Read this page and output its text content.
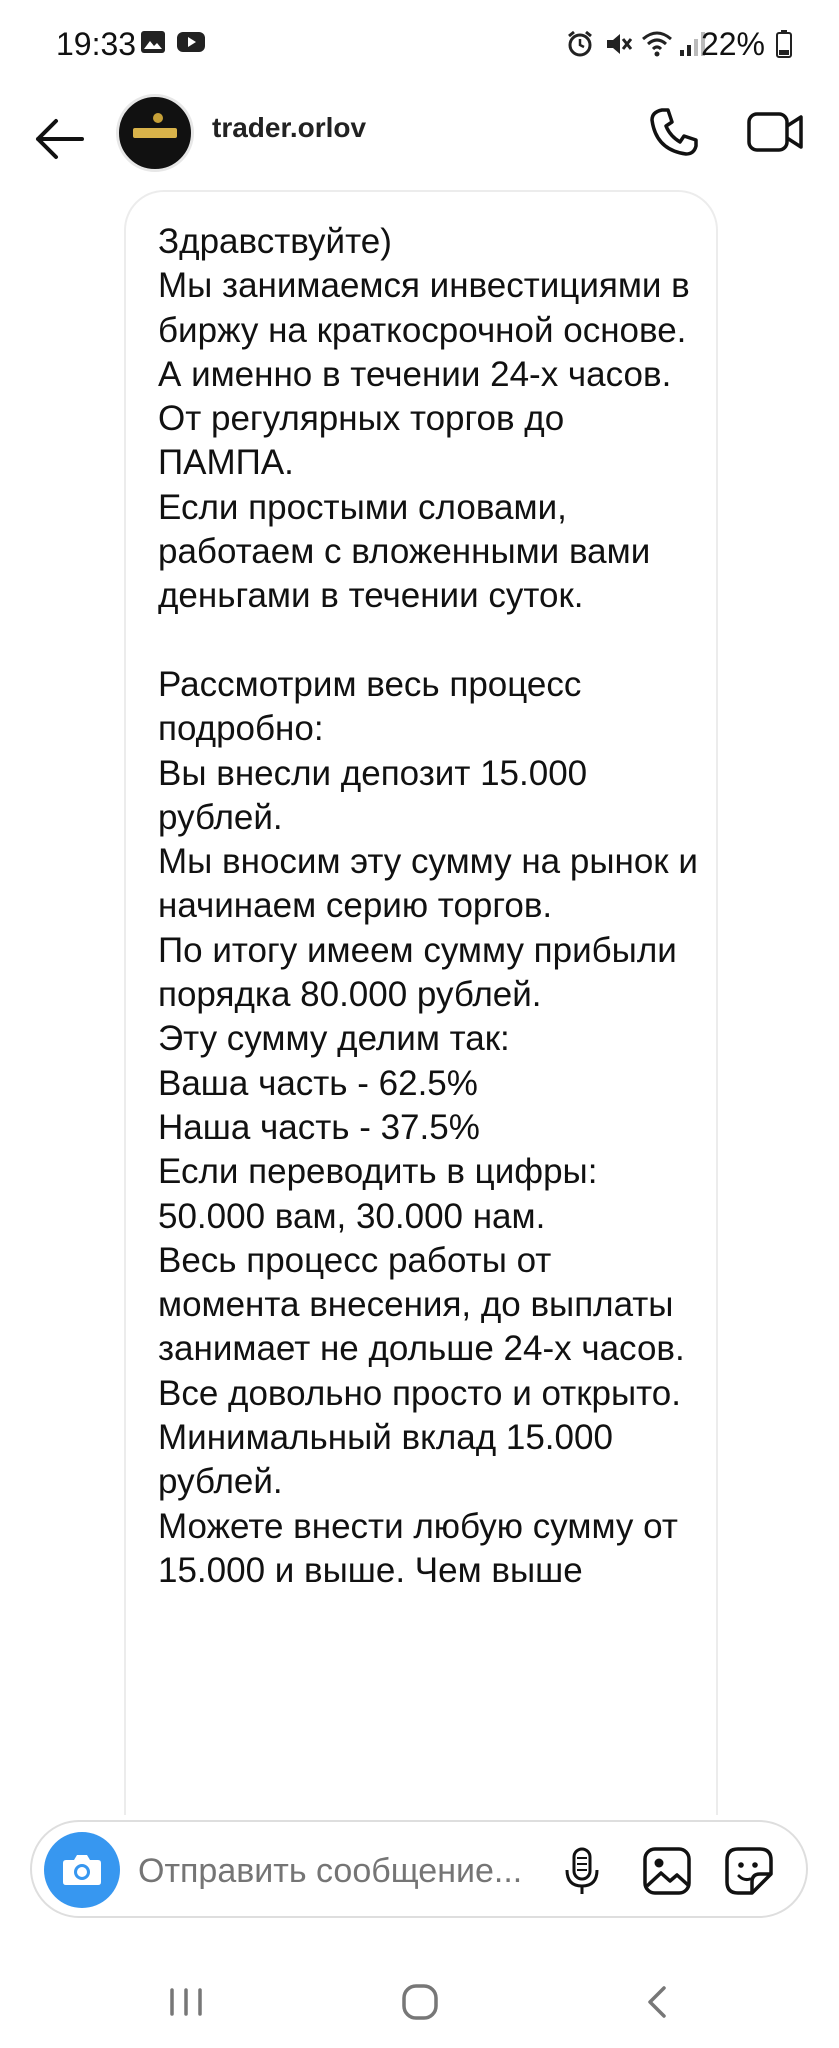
19:33	22%
trader.orlov
Здравствуйте)
Мы занимаемся инвестициями в биржу на краткосрочной основе.
А именно в течении 24-х часов.
От регулярных торгов до ПАМПА.
Если простыми словами, работаем с вложенными вами деньгами в течении суток.

Рассмотрим весь процесс подробно:
Вы внесли депозит 15.000 рублей.
Мы вносим эту сумму на рынок и начинаем серию торгов.
По итогу имеем сумму прибыли порядка 80.000 рублей.
Эту сумму делим так:
Ваша часть - 62.5%
Наша часть - 37.5%
Если переводить в цифры: 50.000 вам, 30.000 нам.
Весь процесс работы от момента внесения, до выплаты занимает не дольше 24-х часов.
Все довольно просто и открыто.
Минимальный вклад 15.000 рублей.
Можете внести любую сумму от 15.000 и выше. Чем выше
Отправить сообщение...
